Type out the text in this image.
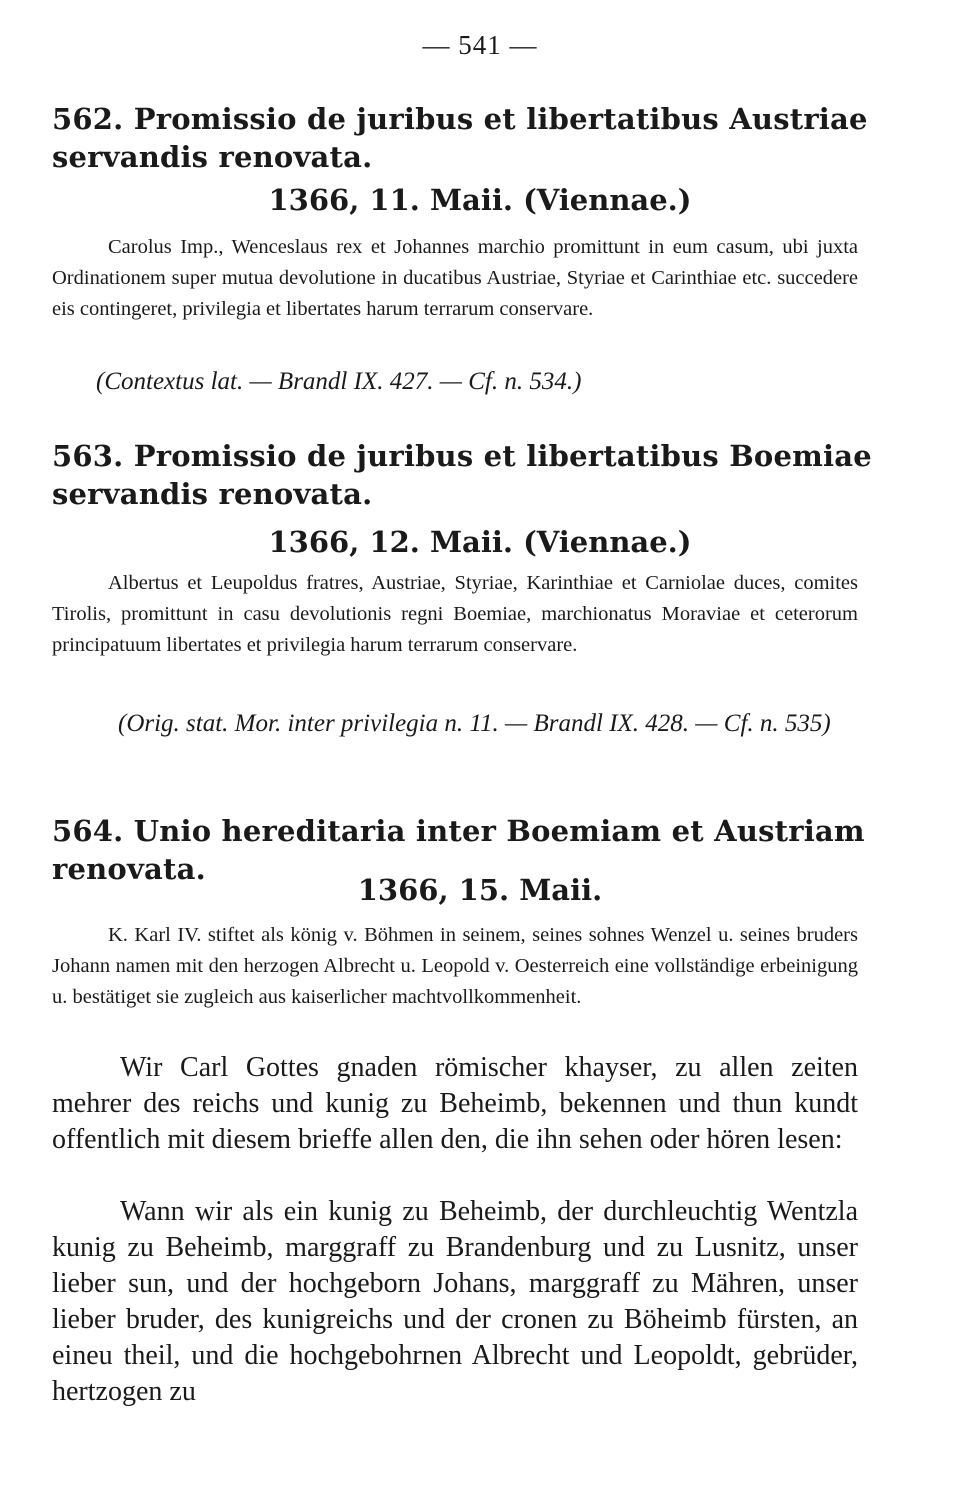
— 541 —
562. Promissio de juribus et libertatibus Austriae servandis renovata.
1366, 11. Maii. (Viennae.)
Carolus Imp., Wenceslaus rex et Johannes marchio promittunt in eum casum, ubi juxta Ordinationem super mutua devolutione in ducatibus Austriae, Styriae et Carinthiae etc. succedere eis contingeret, privilegia et libertates harum terrarum conservare.
(Contextus lat. — Brandl IX. 427. — Cf. n. 534.)
563. Promissio de juribus et libertatibus Boemiae servandis renovata.
1366, 12. Maii. (Viennae.)
Albertus et Leupoldus fratres, Austriae, Styriae, Karinthiae et Carniolae duces, comites Tirolis, promittunt in casu devolutionis regni Boemiae, marchionatus Moraviae et ceterorum principatuum libertates et privilegia harum terrarum conservare.
(Orig. stat. Mor. inter privilegia n. 11. — Brandl IX. 428. — Cf. n. 535)
564. Unio hereditaria inter Boemiam et Austriam renovata.
1366, 15. Maii.
K. Karl IV. stiftet als könig v. Böhmen in seinem, seines sohnes Wenzel u. seines bruders Johann namen mit den herzogen Albrecht u. Leopold v. Oesterreich eine vollständige erbeinigung u. bestätiget sie zugleich aus kaiserlicher machtvollkommenheit.
Wir Carl Gottes gnaden römischer khayser, zu allen zeiten mehrer des reichs und kunig zu Beheimb, bekennen und thun kundt offentlich mit diesem brieffe allen den, die ihn sehen oder hören lesen:
Wann wir als ein kunig zu Beheimb, der durchleuchtig Wentzla kunig zu Beheimb, marggraff zu Brandenburg und zu Lusnitz, unser lieber sun, und der hochgeborn Johans, marggraff zu Mähren, unser lieber bruder, des kunigreichs und der cronen zu Böheimb fürsten, an eineu theil, und die hochgebohrnen Albrecht und Leopoldt, gebrüder, hertzogen zu
